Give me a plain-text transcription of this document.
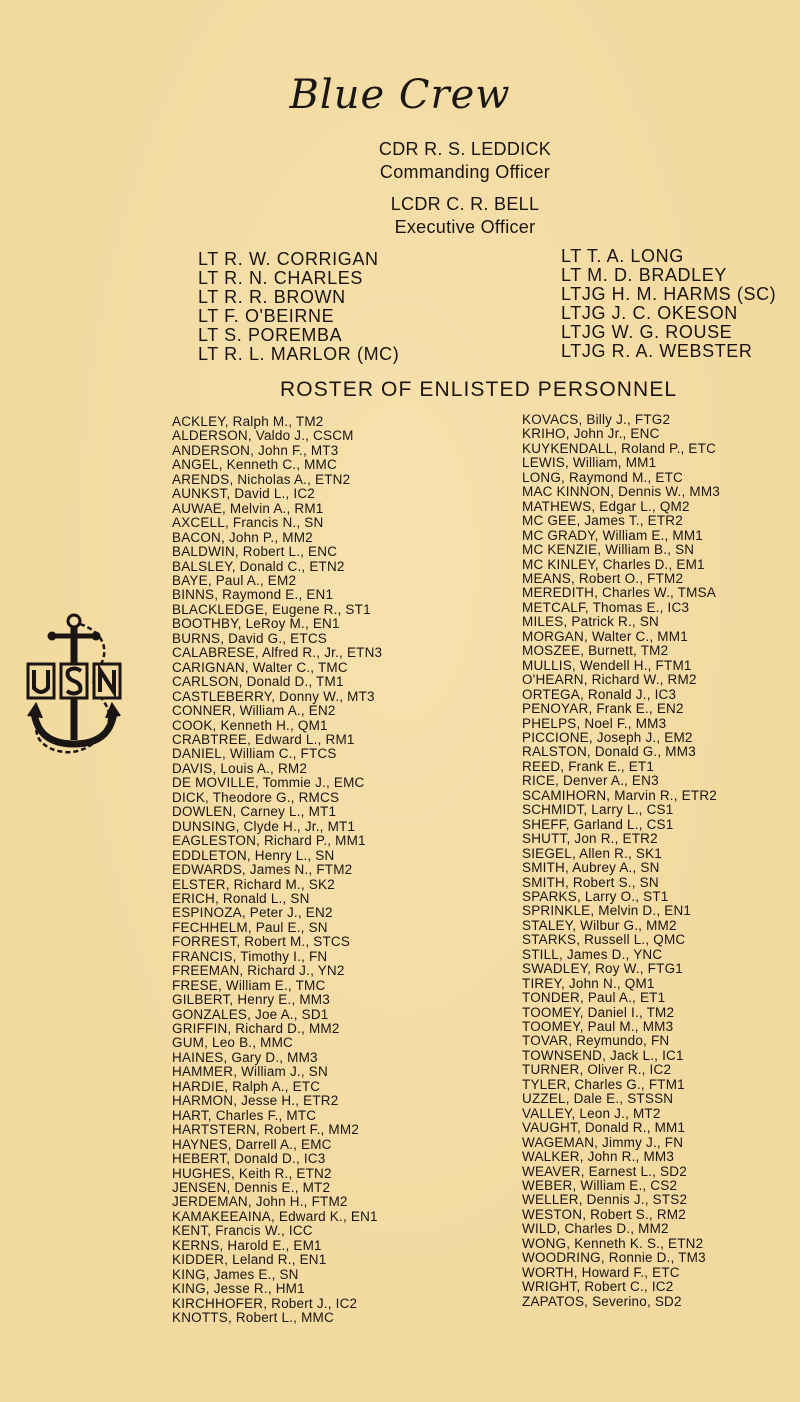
Blue Crew
CDR R. S. LEDDICK
Commanding Officer
LCDR C. R. BELL
Executive Officer
LT R. W. CORRIGAN
LT R. N. CHARLES
LT R. R. BROWN
LT F. O'BEIRNE
LT S. POREMBA
LT R. L. MARLOR (MC)
LT T. A. LONG
LT M. D. BRADLEY
LTJG H. M. HARMS (SC)
LTJG J. C. OKESON
LTJG W. G. ROUSE
LTJG R. A. WEBSTER
ROSTER OF ENLISTED PERSONNEL
ACKLEY, Ralph M., TM2
ALDERSON, Valdo J., CSCM
ANDERSON, John F., MT3
ANGEL, Kenneth C., MMC
ARENDS, Nicholas A., ETN2
AUNKST, David L., IC2
AUWAE, Melvin A., RM1
AXCELL, Francis N., SN
BACON, John P., MM2
BALDWIN, Robert L., ENC
BALSLEY, Donald C., ETN2
BAYE, Paul A., EM2
BINNS, Raymond E., EN1
BLACKLEDGE, Eugene R., ST1
BOOTHBY, LeRoy M., EN1
BURNS, David G., ETCS
CALABRESE, Alfred R., Jr., ETN3
CARIGNAN, Walter C., TMC
CARLSON, Donald D., TM1
CASTLEBERRY, Donny W., MT3
CONNER, William A., EN2
COOK, Kenneth H., QM1
CRABTREE, Edward L., RM1
DANIEL, William C., FTCS
DAVIS, Louis A., RM2
DE MOVILLE, Tommie J., EMC
DICK, Theodore G., RMCS
DOWLEN, Carney L., MT1
DUNSING, Clyde H., Jr., MT1
EAGLESTON, Richard P., MM1
EDDLETON, Henry L., SN
EDWARDS, James N., FTM2
ELSTER, Richard M., SK2
ERICH, Ronald L., SN
ESPINOZA, Peter J., EN2
FECHHELM, Paul E., SN
FORREST, Robert M., STCS
FRANCIS, Timothy I., FN
FREEMAN, Richard J., YN2
FRESE, William E., TMC
GILBERT, Henry E., MM3
GONZALES, Joe A., SD1
GRIFFIN, Richard D., MM2
GUM, Leo B., MMC
HAINES, Gary D., MM3
HAMMER, William J., SN
HARDIE, Ralph A., ETC
HARMON, Jesse H., ETR2
HART, Charles F., MTC
HARTSTERN, Robert F., MM2
HAYNES, Darrell A., EMC
HEBERT, Donald D., IC3
HUGHES, Keith R., ETN2
JENSEN, Dennis E., MT2
JERDEMAN, John H., FTM2
KAMAKEEAINA, Edward K., EN1
KENT, Francis W., ICC
KERNS, Harold E., EM1
KIDDER, Leland R., EN1
KING, James E., SN
KING, Jesse R., HM1
KIRCHHOFER, Robert J., IC2
KNOTTS, Robert L., MMC
KOVACS, Billy J., FTG2
KRIHO, John Jr., ENC
KUYKENDALL, Roland P., ETC
LEWIS, William, MM1
LONG, Raymond M., ETC
MAC KINNON, Dennis W., MM3
MATHEWS, Edgar L., QM2
MC GEE, James T., ETR2
MC GRADY, William E., MM1
MC KENZIE, William B., SN
MC KINLEY, Charles D., EM1
MEANS, Robert O., FTM2
MEREDITH, Charles W., TMSA
METCALF, Thomas E., IC3
MILES, Patrick R., SN
MORGAN, Walter C., MM1
MOSZEE, Burnett, TM2
MULLIS, Wendell H., FTM1
O'HEARN, Richard W., RM2
ORTEGA, Ronald J., IC3
PENOYAR, Frank E., EN2
PHELPS, Noel F., MM3
PICCIONE, Joseph J., EM2
RALSTON, Donald G., MM3
REED, Frank E., ET1
RICE, Denver A., EN3
SCAMIHORN, Marvin R., ETR2
SCHMIDT, Larry L., CS1
SHEFF, Garland L., CS1
SHUTT, Jon R., ETR2
SIEGEL, Allen R., SK1
SMITH, Aubrey A., SN
SMITH, Robert S., SN
SPARKS, Larry O., ST1
SPRINKLE, Melvin D., EN1
STALEY, Wilbur G., MM2
STARKS, Russell L., QMC
STILL, James D., YNC
SWADLEY, Roy W., FTG1
TIREY, John N., QM1
TONDER, Paul A., ET1
TOOMEY, Daniel I., TM2
TOOMEY, Paul M., MM3
TOVAR, Reymundo, FN
TOWNSEND, Jack L., IC1
TURNER, Oliver R., IC2
TYLER, Charles G., FTM1
UZZEL, Dale E., STSSN
VALLEY, Leon J., MT2
VAUGHT, Donald R., MM1
WAGEMAN, Jimmy J., FN
WALKER, John R., MM3
WEAVER, Earnest L., SD2
WEBER, William E., CS2
WELLER, Dennis J., STS2
WESTON, Robert S., RM2
WILD, Charles D., MM2
WONG, Kenneth K. S., ETN2
WOODRING, Ronnie D., TM3
WORTH, Howard F., ETC
WRIGHT, Robert C., IC2
ZAPATOS, Severino, SD2
